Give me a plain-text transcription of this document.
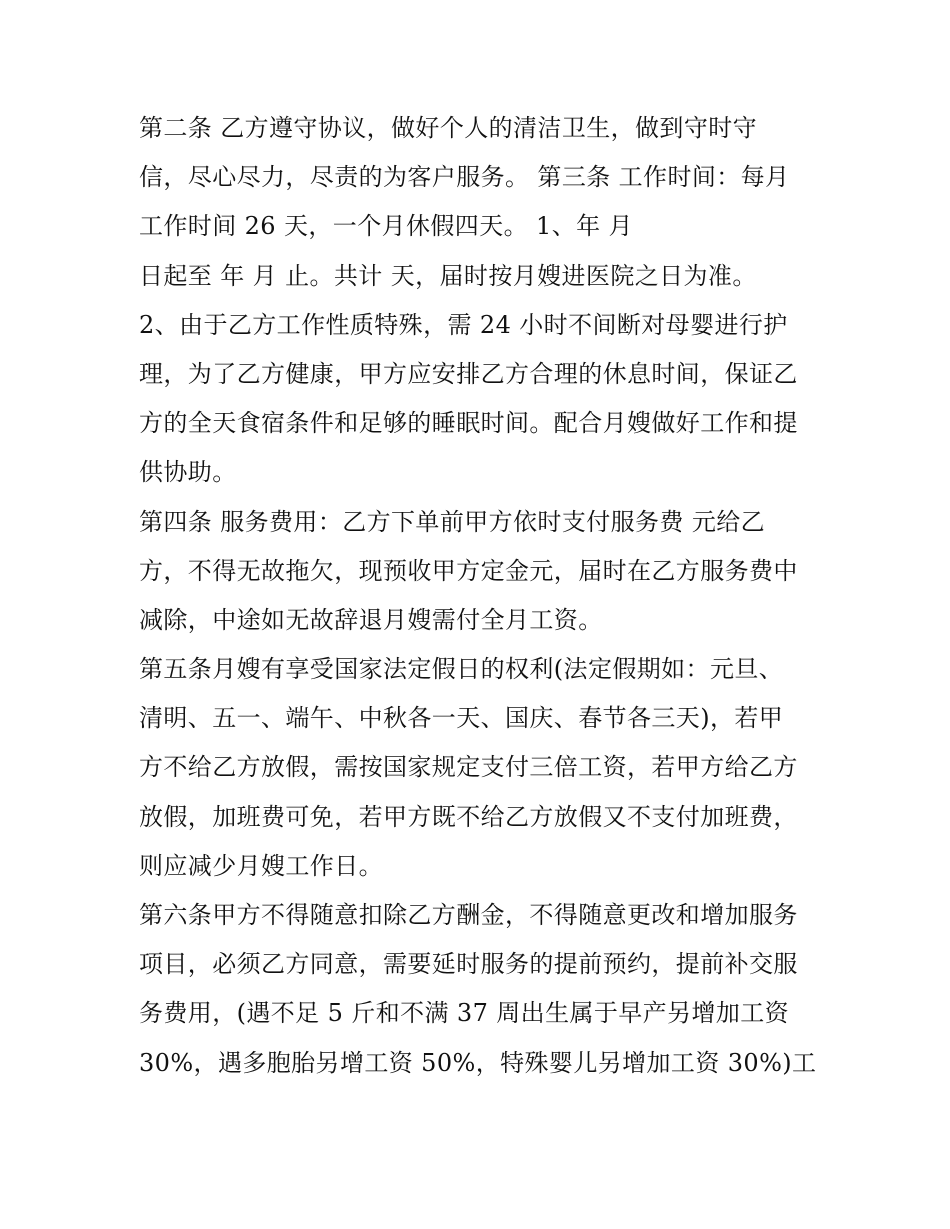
第二条 乙方遵守协议，做好个人的清洁卫生，做到守时守
信，尽心尽力，尽责的为客户服务。 第三条 工作时间：每月
工作时间 26 天，一个月休假四天。 1、年 月
日起至 年 月 止。共计 天，届时按月嫂进医院之日为准。
2、由于乙方工作性质特殊，需 24 小时不间断对母婴进行护
理，为了乙方健康，甲方应安排乙方合理的休息时间，保证乙
方的全天食宿条件和足够的睡眠时间。配合月嫂做好工作和提
供协助。
第四条 服务费用：乙方下单前甲方依时支付服务费 元给乙
方，不得无故拖欠，现预收甲方定金元，届时在乙方服务费中
减除，中途如无故辞退月嫂需付全月工资。
第五条月嫂有享受国家法定假日的权利(法定假期如：元旦、
清明、五一、端午、中秋各一天、国庆、春节各三天)，若甲
方不给乙方放假，需按国家规定支付三倍工资，若甲方给乙方
放假，加班费可免，若甲方既不给乙方放假又不支付加班费，
则应减少月嫂工作日。
第六条甲方不得随意扣除乙方酬金，不得随意更改和增加服务
项目，必须乙方同意，需要延时服务的提前预约，提前补交服
务费用，(遇不足 5 斤和不满 37 周出生属于早产另增加工资
30%，遇多胞胎另增工资 50%，特殊婴儿另增加工资 30%)工
